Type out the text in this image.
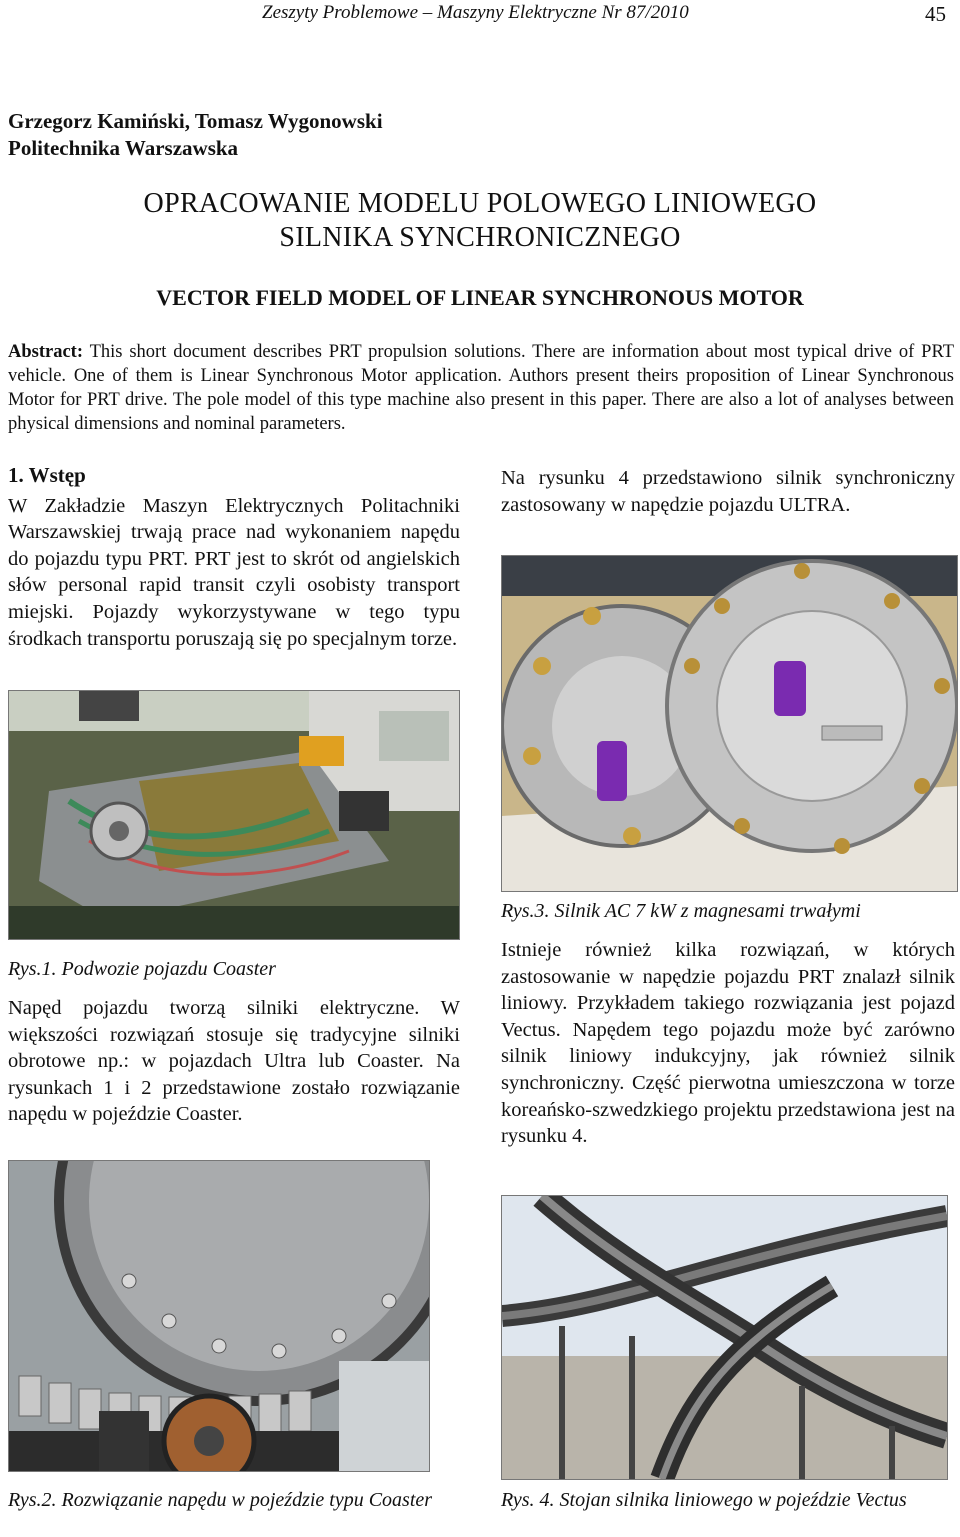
Zeszyty Problemowe – Maszyny Elektryczne Nr 87/2010	45
Grzegorz Kamiński, Tomasz Wygonowski
Politechnika Warszawska
OPRACOWANIE MODELU POLOWEGO LINIOWEGO
SILNIKA SYNCHRONICZNEGO
VECTOR FIELD MODEL OF LINEAR SYNCHRONOUS MOTOR
Abstract: This short document describes PRT propulsion solutions. There are information about most typical drive of PRT vehicle. One of them is Linear Synchronous Motor application. Authors present theirs proposition of Linear Synchronous Motor for PRT drive. The pole model of this type machine also present in this paper. There are also a lot of analyses between physical dimensions and nominal parameters.
1. Wstęp

W Zakładzie Maszyn Elektrycznych Politachniki Warszawskiej trwają prace nad wykonaniem napędu do pojazdu typu PRT. PRT jest to skrót od angielskich słów personal rapid transit czyli osobisty transport miejski. Pojazdy wykorzystywane w tego typu środkach transportu poruszają się po specjalnym torze.

Rys.1. Podwozie pojazdu Coaster
Napęd pojazdu tworzą silniki elektryczne. W większości rozwiązań stosuje się tradycyjne silniki obrotowe np.: w pojazdach Ultra lub Coaster. Na rysunkach 1 i 2 przedstawione zostało rozwiązanie napędu w pojeździe Coaster.
Rys.2. Rozwiązanie napędu w pojeździe typu Coaster
Na rysunku 4 przedstawiono silnik synchroniczny zastosowany w napędzie pojazdu ULTRA.
Rys.3. Silnik AC 7 kW z magnesami trwałymi
Istnieje również kilka rozwiązań, w których zastosowanie w napędzie pojazdu PRT znalazł silnik liniowy. Przykładem takiego rozwiązania jest pojazd Vectus. Napędem tego pojazdu może być zarówno silnik liniowy indukcyjny, jak również silnik synchroniczny. Część pierwotna umieszczona w torze koreańsko-szwedzkiego projektu przedstawiona jest na rysunku 4.
Rys. 4. Stojan silnika liniowego w pojeździe Vectus
